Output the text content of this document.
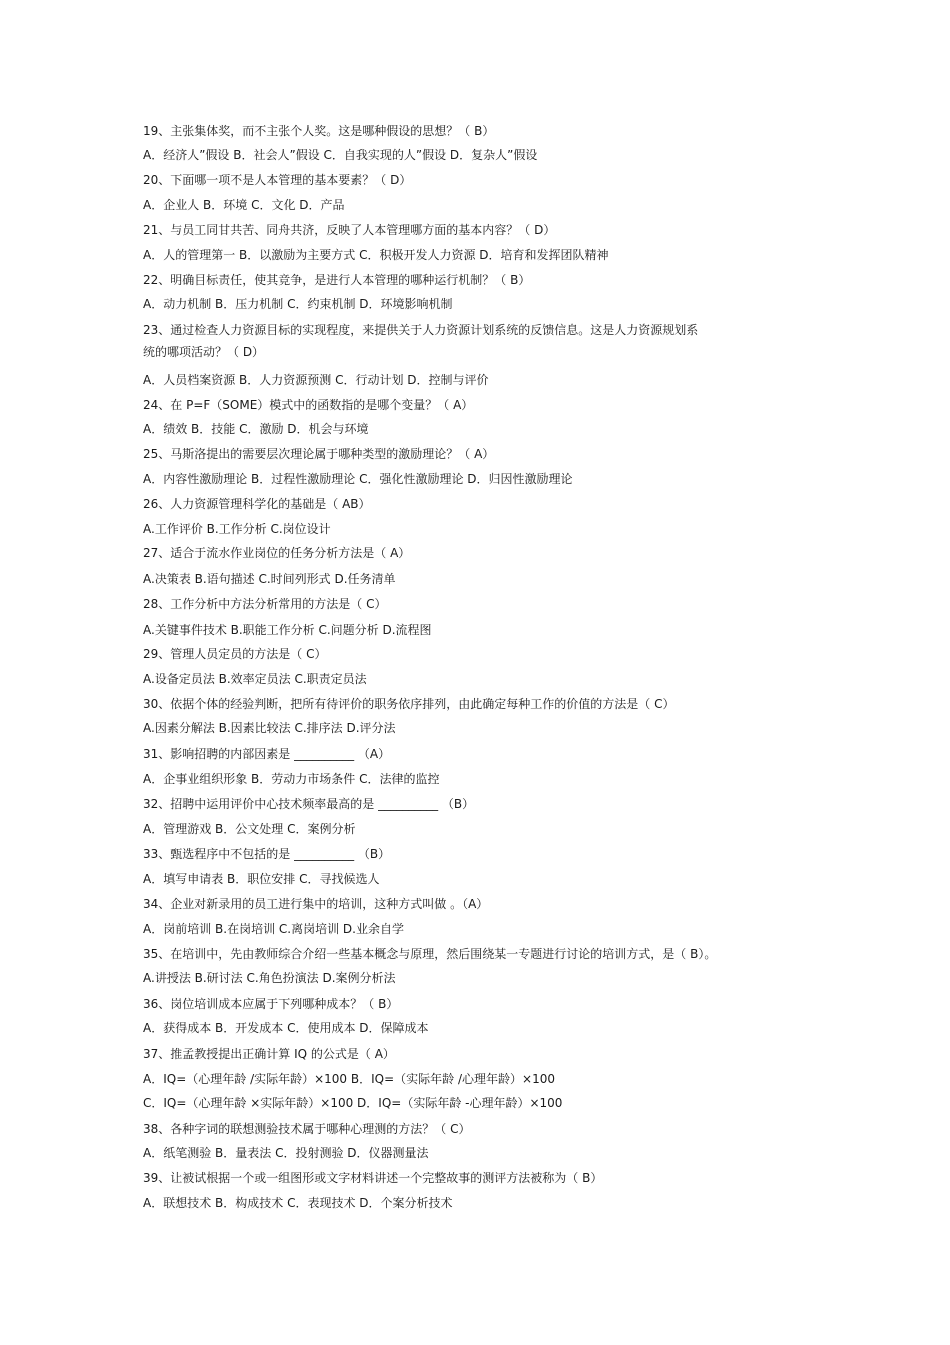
19、主张集体奖，而不主张个人奖。这是哪种假设的思想？（ B）
A．经济人”假设 B．社会人”假设 C．自我实现的人”假设 D．复杂人”假设
20、下面哪一项不是人本管理的基本要素？（ D）
A．企业人 B．环境 C．文化 D．产品
21、与员工同甘共苦、同舟共济，反映了人本管理哪方面的基本内容？（ D）
A．人的管理第一 B．以激励为主要方式 C．积极开发人力资源 D．培育和发挥团队精神
22、明确目标责任，使其竞争，是进行人本管理的哪种运行机制？（ B）
A．动力机制 B．压力机制 C．约束机制 D．环境影响机制
23、通过检查人力资源目标的实现程度，来提供关于人力资源计划系统的反馈信息。这是人力资源规划系
统的哪项活动？（ D）
A．人员档案资源 B．人力资源预测 C．行动计划 D．控制与评价
24、在 P=F（SOME）模式中的函数指的是哪个变量？（ A）
A．绩效 B．技能 C．激励 D．机会与环境
25、马斯洛提出的需要层次理论属于哪种类型的激励理论？（ A）
A．内容性激励理论 B．过程性激励理论 C．强化性激励理论 D．归因性激励理论
26、人力资源管理科学化的基础是（ AB）
A.工作评价 B.工作分析 C.岗位设计
27、适合于流水作业岗位的任务分析方法是（ A）
A.决策表 B.语句描述 C.时间列形式 D.任务清单
28、工作分析中方法分析常用的方法是（ C）
A.关键事件技术 B.职能工作分析 C.问题分析 D.流程图
29、管理人员定员的方法是（ C）
A.设备定员法 B.效率定员法 C.职责定员法
30、依据个体的经验判断，把所有待评价的职务依序排列，由此确定每种工作的价值的方法是（ C）
A.因素分解法 B.因素比较法 C.排序法 D.评分法
31、影响招聘的内部因素是 __________ （A）
A．企事业组织形象 B．劳动力市场条件 C．法律的监控
32、招聘中运用评价中心技术频率最高的是 __________ （B）
A．管理游戏 B．公文处理 C．案例分析
33、甄选程序中不包括的是 __________ （B）
A．填写申请表 B．职位安排 C．寻找候选人
34、企业对新录用的员工进行集中的培训，这种方式叫做 。（A）
A．岗前培训 B.在岗培训 C.离岗培训 D.业余自学
35、在培训中，先由教师综合介绍一些基本概念与原理，然后围绕某一专题进行讨论的培训方式，是（ B）。
A.讲授法 B.研讨法 C.角色扮演法 D.案例分析法
36、岗位培训成本应属于下列哪种成本？（ B）
A．获得成本 B．开发成本 C．使用成本 D．保障成本
37、推孟教授提出正确计算 IQ 的公式是（ A）
A．IQ=（心理年龄 /实际年龄）×100 B．IQ=（实际年龄 /心理年龄）×100
C．IQ=（心理年龄 ×实际年龄）×100 D．IQ=（实际年龄 -心理年龄）×100
38、各种字词的联想测验技术属于哪种心理测的方法？（ C）
A．纸笔测验 B．量表法 C．投射测验 D．仪器测量法
39、让被试根据一个或一组图形或文字材料讲述一个完整故事的测评方法被称为（ B）
A．联想技术 B．构成技术 C．表现技术 D．个案分析技术
